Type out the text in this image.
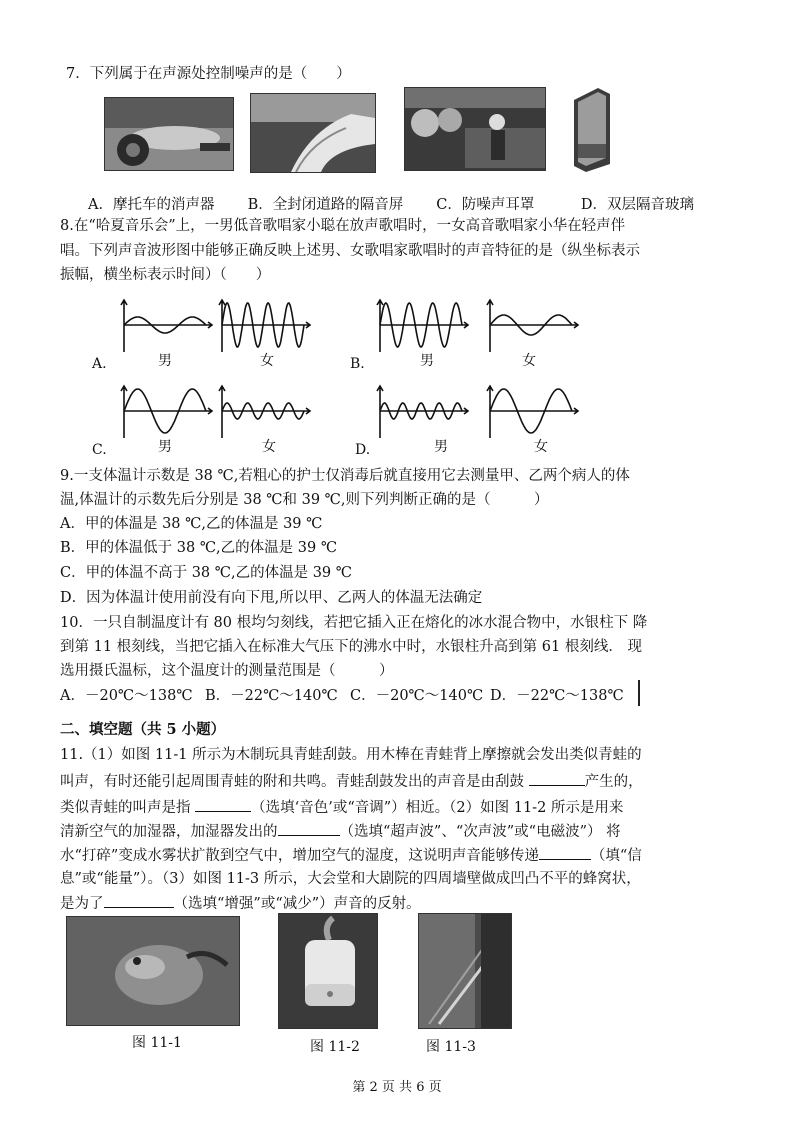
7．下列属于在声源处控制噪声的是（　　）
A．摩托车的消声器 B．全封闭道路的隔音屏 C．防噪声耳罩	D．双层隔音玻璃
8.在“哈夏音乐会”上，一男低音歌唱家小聪在放声歌唱时，一女高音歌唱家小华在轻声伴
唱。下列声音波形图中能够正确反映上述男、女歌唱家歌唱时的声音特征的是（纵坐标表示
振幅，横坐标表示时间）（　　）
男	女	男	女
男	女	男	女
A.	B.
C.	D.
9.一支体温计示数是 38 ℃,若粗心的护士仅消毒后就直接用它去测量甲、乙两个病人的体
温,体温计的示数先后分别是 38 ℃和 39 ℃,则下列判断正确的是（　　　）
A．甲的体温是 38 ℃,乙的体温是 39 ℃
B．甲的体温低于 38 ℃,乙的体温是 39 ℃
C．甲的体温不高于 38 ℃,乙的体温是 39 ℃
D．因为体温计使用前没有向下甩,所以甲、乙两人的体温无法确定
10．一只自制温度计有 80 根均匀刻线，若把它插入正在熔化的冰水混合物中，水银柱下 降
到第 11 根刻线，当把它插入在标准大气压下的沸水中时，水银柱升高到第 61 根刻线． 现
选用摄氏温标，这个温度计的测量范围是（　　　）
A．－20℃～138℃ B．－22℃～140℃ C．－20℃～140℃ D．－22℃～138℃
二、填空题（共 5 小题）
11.（1）如图 11-1 所示为木制玩具青蛙刮鼓。用木棒在青蛙背上摩擦就会发出类似青蛙的
叫声，有时还能引起周围青蛙的附和共鸣。青蛙刮鼓发出的声音是由刮鼓	产生的，
类似青蛙的叫声是指	（选填‘音色’或“音调”）相近。（2）如图 11-2 所示是用来
清新空气的加湿器，加湿器发出的	（选填“超声波”、“次声波”或“电磁波”） 将
水“打碎”变成水雾状扩散到空气中，增加空气的湿度，这说明声音能够传递	（填“信
息”或“能量”）。（3）如图 11-3 所示，大会堂和大剧院的四周墙壁做成凹凸不平的蜂窝状，
是为了	（选填“增强”或“减少”）声音的反射。
图 11-1	图 11-2	图 11-3
第 2 页 共 6 页
